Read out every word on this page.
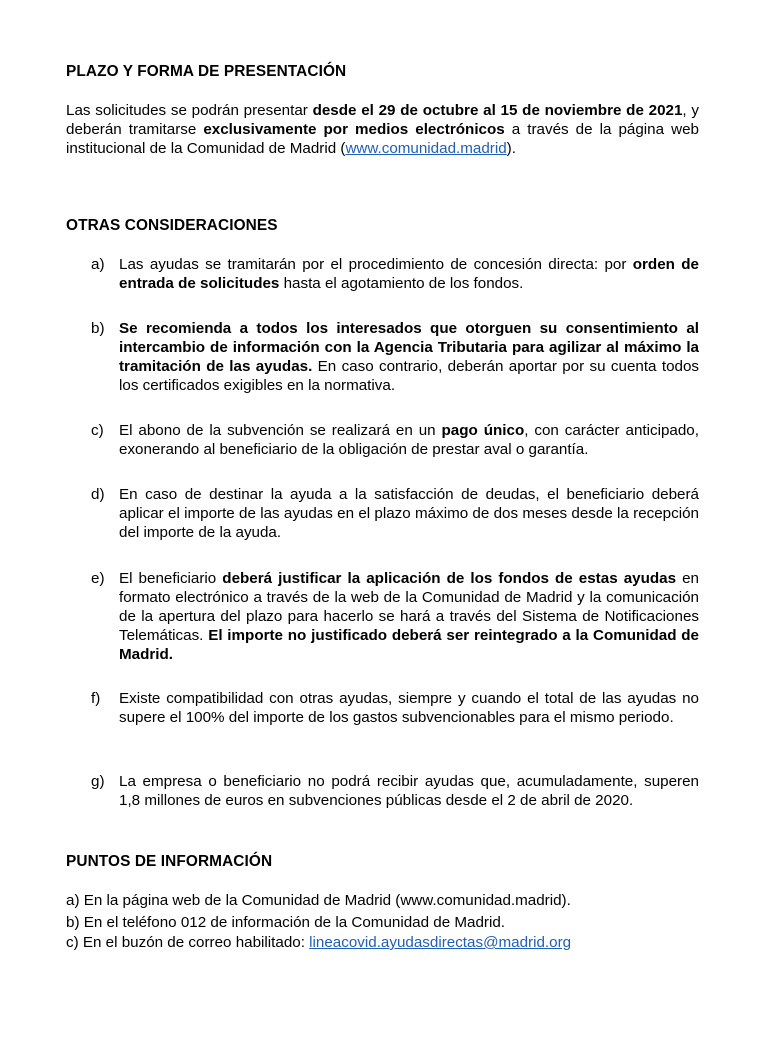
PLAZO Y FORMA DE PRESENTACIÓN
Las solicitudes se podrán presentar desde el 29 de octubre al 15 de noviembre de 2021, y deberán tramitarse exclusivamente por medios electrónicos a través de la página web institucional de la Comunidad de Madrid (www.comunidad.madrid).
OTRAS CONSIDERACIONES
a) Las ayudas se tramitarán por el procedimiento de concesión directa: por orden de entrada de solicitudes hasta el agotamiento de los fondos.
b) Se recomienda a todos los interesados que otorguen su consentimiento al intercambio de información con la Agencia Tributaria para agilizar al máximo la tramitación de las ayudas. En caso contrario, deberán aportar por su cuenta todos los certificados exigibles en la normativa.
c)	El abono de la subvención se realizará en un pago único, con carácter anticipado, exonerando al beneficiario de la obligación de prestar aval o garantía.
d) En caso de destinar la ayuda a la satisfacción de deudas, el beneficiario deberá aplicar el importe de las ayudas en el plazo máximo de dos meses desde la recepción del importe de la ayuda.
e) El beneficiario deberá justificar la aplicación de los fondos de estas ayudas en formato electrónico a través de la web de la Comunidad de Madrid y la comunicación de la apertura del plazo para hacerlo se hará a través del Sistema de Notificaciones Telemáticas. El importe no justificado deberá ser reintegrado a la Comunidad de Madrid.
f)	Existe compatibilidad con otras ayudas, siempre y cuando el total de las ayudas no supere el 100% del importe de los gastos subvencionables para el mismo periodo.
g) La empresa o beneficiario no podrá recibir ayudas que, acumuladamente, superen 1,8 millones de euros en subvenciones públicas desde el 2 de abril de 2020.
PUNTOS DE INFORMACIÓN
a) En la página web de la Comunidad de Madrid (www.comunidad.madrid).
b) En el teléfono 012 de información de la Comunidad de Madrid.
c) En el buzón de correo habilitado: lineacovid.ayudasdirectas@madrid.org
